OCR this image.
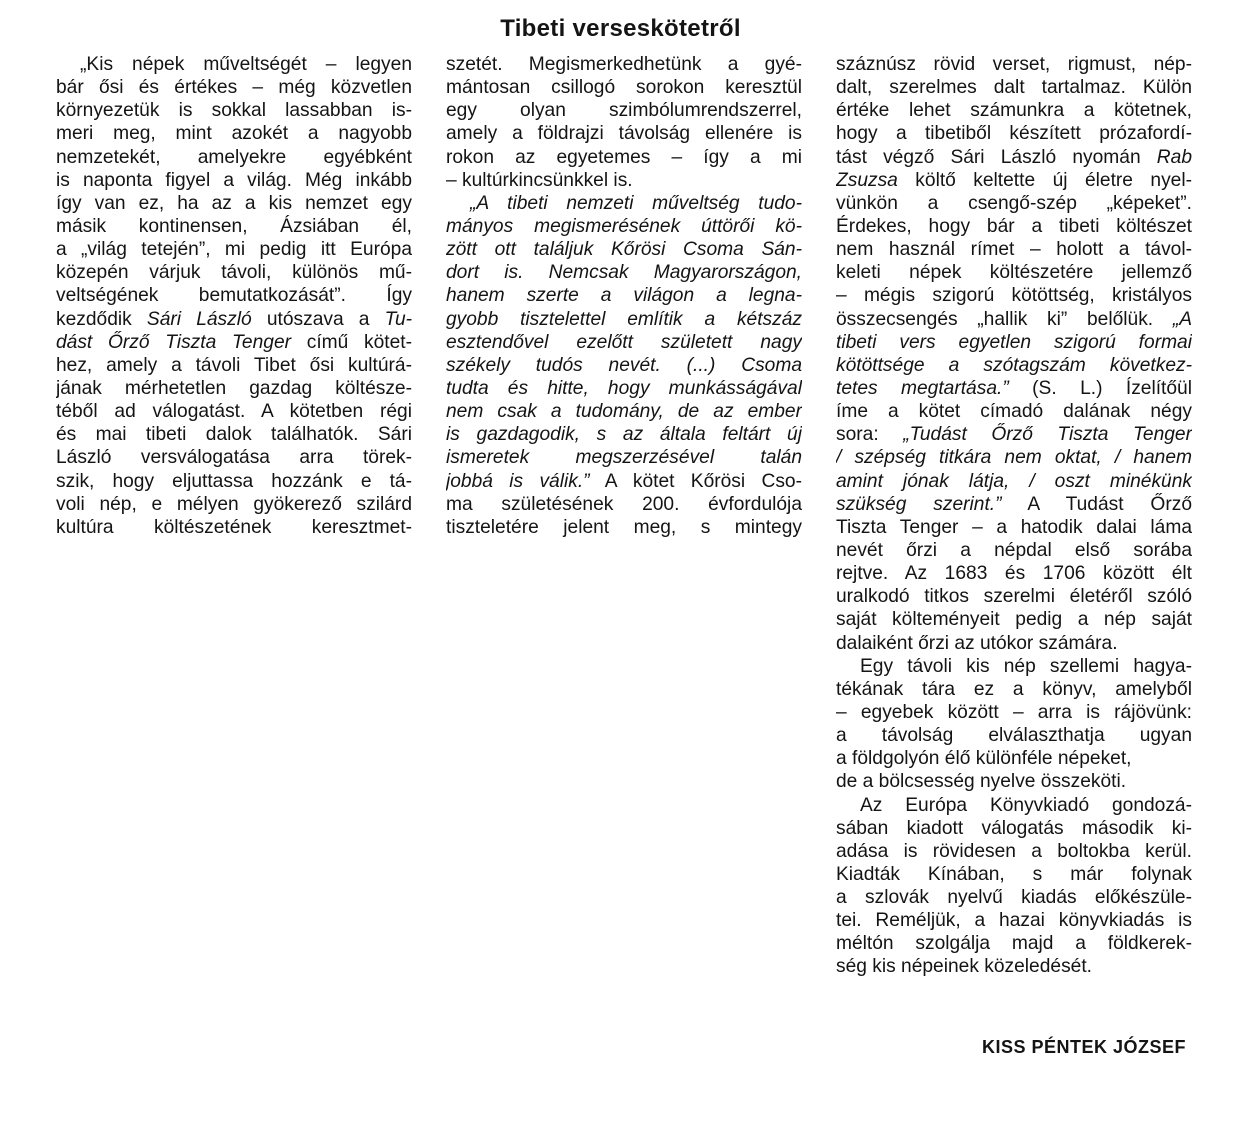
Tibeti verseskötetről
„Kis népek műveltségét – legyen
bár ősi és értékes – még közvetlen
környezetük is sokkal lassabban is-
meri meg, mint azokét a nagyobb
nemzetekét, amelyekre egyébként
is naponta figyel a világ. Még inkább
így van ez, ha az a kis nemzet egy
másik kontinensen, Ázsiában él,
a „világ tetején”, mi pedig itt Európa
közepén várjuk távoli, különös mű-
veltségének bemutatkozását”. Így
kezdődik Sári László utószava a Tu-
dást Őrző Tiszta Tenger című kötet-
hez, amely a távoli Tibet ősi kultúrá-
jának mérhetetlen gazdag költésze-
téből ad válogatást. A kötetben régi
és mai tibeti dalok találhatók. Sári
László versválogatása arra törek-
szik, hogy eljuttassa hozzánk e tá-
voli nép, e mélyen gyökerező szilárd
kultúra költészetének keresztmet-
szetét. Megismerkedhetünk a gyé-
mántosan csillogó sorokon keresztül
egy olyan szimbólumrendszerrel,
amely a földrajzi távolság ellenére is
rokon az egyetemes – így a mi
– kultúrkincsünkkel is.
„A tibeti nemzeti műveltség tudo-
mányos megismerésének úttörői kö-
zött ott találjuk Kőrösi Csoma Sán-
dort is. Nemcsak Magyarországon,
hanem szerte a világon a legna-
gyobb tisztelettel említik a kétszáz
esztendővel ezelőtt született nagy
székely tudós nevét. (...) Csoma
tudta és hitte, hogy munkásságával
nem csak a tudomány, de az ember
is gazdagodik, s az általa feltárt új
ismeretek megszerzésével talán
jobbá is válik.” A kötet Kőrösi Cso-
ma születésének 200. évfordulója
tiszteletére jelent meg, s mintegy
száznúsz rövid verset, rigmust, nép-
dalt, szerelmes dalt tartalmaz. Külön
értéke lehet számunkra a kötetnek,
hogy a tibetiből készített prózafordí-
tást végző Sári László nyomán Rab
Zsuzsa költő keltette új életre nyel-
vünkön a csengő-szép „képeket”.
Érdekes, hogy bár a tibeti költészet
nem használ rímet – holott a távol-
keleti népek költészetére jellemző
– mégis szigorú kötöttség, kristályos
összecsengés „hallik ki” belőlük. „A
tibeti vers egyetlen szigorú formai
kötöttsége a szótagszám következ-
tetes megtartása.” (S. L.) Ízelítőül
íme a kötet címadó dalának négy
sora: „Tudást Őrző Tiszta Tenger
/ szépség titkára nem oktat, / hanem
amint jónak látja, / oszt minékünk
szükség szerint.” A Tudást Őrző
Tiszta Tenger – a hatodik dalai láma
nevét őrzi a népdal első sorába
rejtve. Az 1683 és 1706 között élt
uralkodó titkos szerelmi életéről szóló
saját költeményeit pedig a nép saját
dalaiként őrzi az utókor számára.
Egy távoli kis nép szellemi hagya-
tékának tára ez a könyv, amelyből
– egyebek között – arra is rájövünk:
a távolság elválaszthatja ugyan
a földgolyón élő különféle népeket,
de a bölcsesség nyelve összeköti.
Az Európa Könyvkiadó gondozá-
sában kiadott válogatás második ki-
adása is rövidesen a boltokba kerül.
Kiadták Kínában, s már folynak
a szlovák nyelvű kiadás előkészüle-
tei. Reméljük, a hazai könyvkiadás is
méltón szolgálja majd a földkerek-
ség kis népeinek közeledését.
KISS PÉNTEK JÓZSEF
